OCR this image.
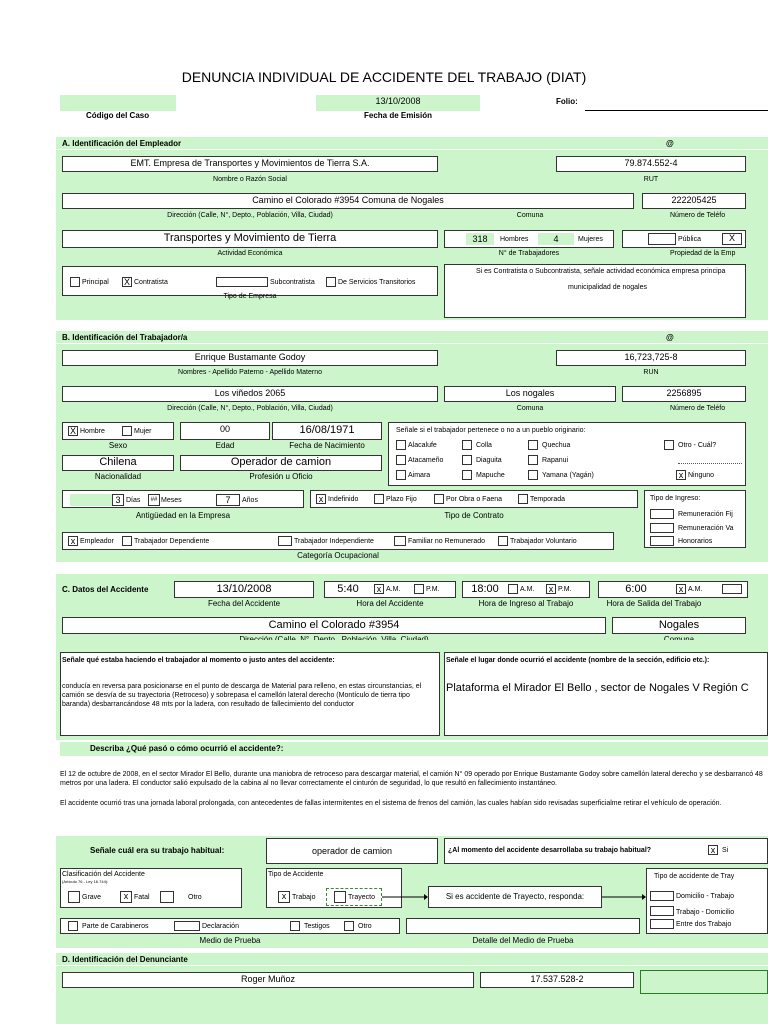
DENUNCIA INDIVIDUAL DE ACCIDENTE DEL TRABAJO (DIAT)
Código del Caso
13/10/2008
Fecha de Emisión
Folio:
A. Identificación del Empleador	@
EMT. Empresa de Transportes y Movimientos de Tierra S.A.
Nombre o Razón Social
79.874.552-4
RUT
Camino el Colorado #3954 Comuna de Nogales
Dirección (Calle, N°, Depto., Población, Villa, Ciudad)	Comuna
222205425
Número de Teléfo
Transportes y Movimiento de Tierra
Actividad Económica
318	Hombres	4	Mujeres
N° de Trabajadores
Pública	X
Propiedad de la Emp
Principal X Contratista	Subcontratista	De Servicios Transitorios
Tipo de Empresa
Si es Contratista o Subcontratista, señale actividad económica empresa principa
municipalidad de nogales
B. Identificación del Trabajador/a	@
Enrique Bustamante Godoy
Nombres - Apellido Paterno - Apellido Materno
16,723,725-8
RUN
Los viñedos 2065
Dirección (Calle, N°, Depto., Población, Villa, Ciudad)
Los nogales
Comuna
2256895
Número de Teléfo
X Hombre	Mujer
Sexo
00
Edad
16/08/1971
Fecha de Nacimiento
Chilena
Nacionalidad
Operador de camion
Profesión u Oficio
Señale si el trabajador pertenece o no a un pueblo originario:
Alacalufe	Colla	Quechua
Atacameño	Diaguita	Rapanui
Aimara	Mapuche	Yamana (Yagán)
Otro - Cuál?
x Ninguno
3 Días	## Meses	7	Años
Antigüedad en la Empresa
x Indefinido	Plazo Fijo	Por Obra o Faena	Temporada
Tipo de Contrato
Tipo de Ingreso:
Remuneración Fij
Remuneración Va
Honorarios
x Empleador	Trabajador Dependiente	Trabajador Independiente	Familiar no Remunerado	Trabajador Voluntario
Categoría Ocupacional
C. Datos del Accidente	13/10/2008
Fecha del Accidente
5:40	x A.M.	P.M.
Hora del Accidente
18:00	A.M.	x P.M.
Hora de Ingreso al Trabajo
6:00	x A.M.
Hora de Salida del Trabajo
Camino el Colorado #3954	Nogales
Señale qué estaba haciendo el trabajador al momento o justo antes del accidente:
conducía en reversa para posicionarse en el punto de descarga de Material para relleno, en estas circunstancias, el camión se desvía de su trayectoria (Retroceso) y sobrepasa el camellón lateral derecho (Montículo de tierra tipo baranda) desbarrancándose 48 mts por la ladera, con resultado de fallecimiento del conductor
Señale el lugar donde ocurrió el accidente (nombre de la sección, edificio etc.):
Plataforma el Mirador El Bello , sector de Nogales V Región C
Describa ¿Qué pasó o cómo ocurrió el accidente?:
El 12 de octubre de 2008, en el sector Mirador El Bello, durante una maniobra de retroceso para descargar material, el camión N° 09 operado por Enrique Bustamante Godoy sobre camellón lateral derecho y se desbarrancó 48 metros por una ladera. El conductor salió expulsado de la cabina al no llevar correctamente el cinturón de seguridad, lo que resultó en fallecimiento instantáneo.
El accidente ocurrió tras una jornada laboral prolongada, con antecedentes de fallas intermitentes en el sistema de frenos del camión, las cuales habían sido revisadas superficialme retirar el vehículo de operación.
Señale cuál era su trabajo habitual:	operador de camion	¿Al momento del accidente desarrollaba su trabajo habitual?	x Si
Clasificación del Accidente
(Artículo 76 - Ley 16.744):
Grave	x Fatal	Otro
Tipo de Accidente
x Trabajo	Trayecto	Si es accidente de Trayecto, responda:
Tipo de accidente de Tray
Domicilio - Trabajo
Trabajo - Domicilio
Entre dos Trabajo
Parte de Carabineros	Declaración	Testigos	Otro
Medio de Prueba	Detalle del Medio de Prueba
D. Identificación del Denunciante
Roger Muñoz	17.537.528-2
